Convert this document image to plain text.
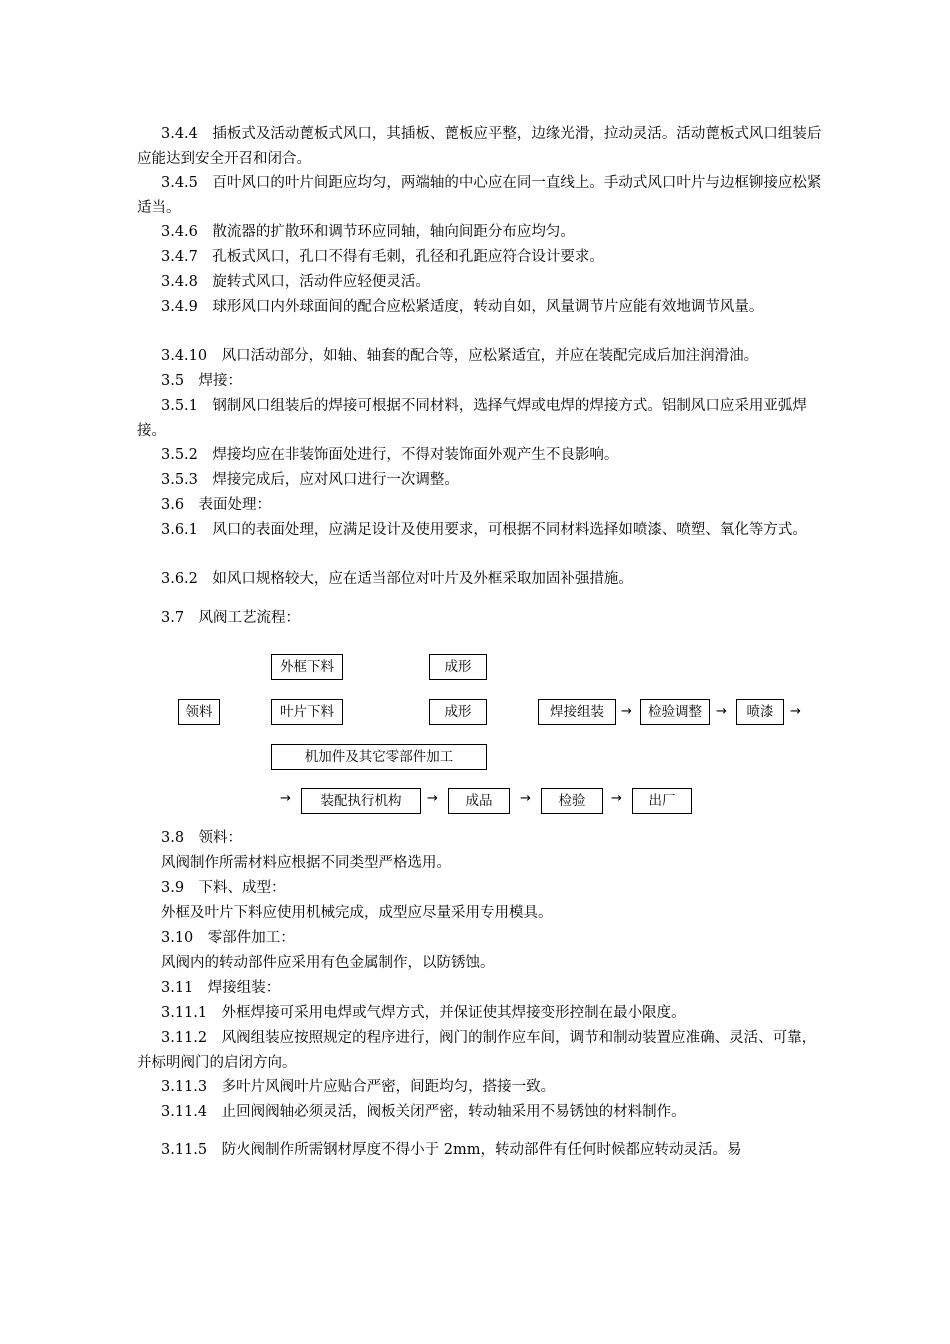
3.4.4　插板式及活动蓖板式风口，其插板、蓖板应平整，边缘光滑，拉动灵活。活动蓖板式风口组装后应能达到安全开召和闭合。

3.4.5　百叶风口的叶片间距应均匀，两端轴的中心应在同一直线上。手动式风口叶片与边框铆接应松紧适当。

3.4.6　散流器的扩散环和调节环应同轴，轴向间距分布应均匀。

3.4.7　孔板式风口，孔口不得有毛刺，孔径和孔距应符合设计要求。

3.4.8　旋转式风口，活动件应轻便灵活。

3.4.9　球形风口内外球面间的配合应松紧适度，转动自如，风量调节片应能有效地调节风量。

3.4.10　风口活动部分，如轴、轴套的配合等，应松紧适宜，并应在装配完成后加注润滑油。

3.5　焊接：

3.5.1　钢制风口组装后的焊接可根据不同材料，选择气焊或电焊的焊接方式。铝制风口应采用亚弧焊接。

3.5.2　焊接均应在非装饰面处进行，不得对装饰面外观产生不良影响。

3.5.3　焊接完成后，应对风口进行一次调整。

3.6　表面处理：

3.6.1　风口的表面处理，应满足设计及使用要求，可根据不同材料选择如喷漆、喷塑、氧化等方式。

3.6.2　如风口规格较大，应在适当部位对叶片及外框采取加固补强措施。

3.7　风阀工艺流程：

外框下料	成形
领料	叶片下料	成形	焊接组装	→	检验调整	→	喷漆	→
机加件及其它零部件加工
→	装配执行机构	→	成品	→	检验	→	出厂

3.8　领料：

风阀制作所需材料应根据不同类型严格选用。

3.9　下料、成型：

外框及叶片下料应使用机械完成，成型应尽量采用专用模具。

3.10　零部件加工：

风阀内的转动部件应采用有色金属制作，以防锈蚀。

3.11　焊接组装：

3.11.1　外框焊接可采用电焊或气焊方式，并保证使其焊接变形控制在最小限度。

3.11.2　风阀组装应按照规定的程序进行，阀门的制作应车间，调节和制动装置应准确、灵活、可靠，并标明阀门的启闭方向。

3.11.3　多叶片风阀叶片应贴合严密，间距均匀，搭接一致。

3.11.4　止回阀阀轴必须灵活，阀板关闭严密，转动轴采用不易锈蚀的材料制作。

3.11.5　防火阀制作所需钢材厚度不得小于 2mm，转动部件有任何时候都应转动灵活。易
